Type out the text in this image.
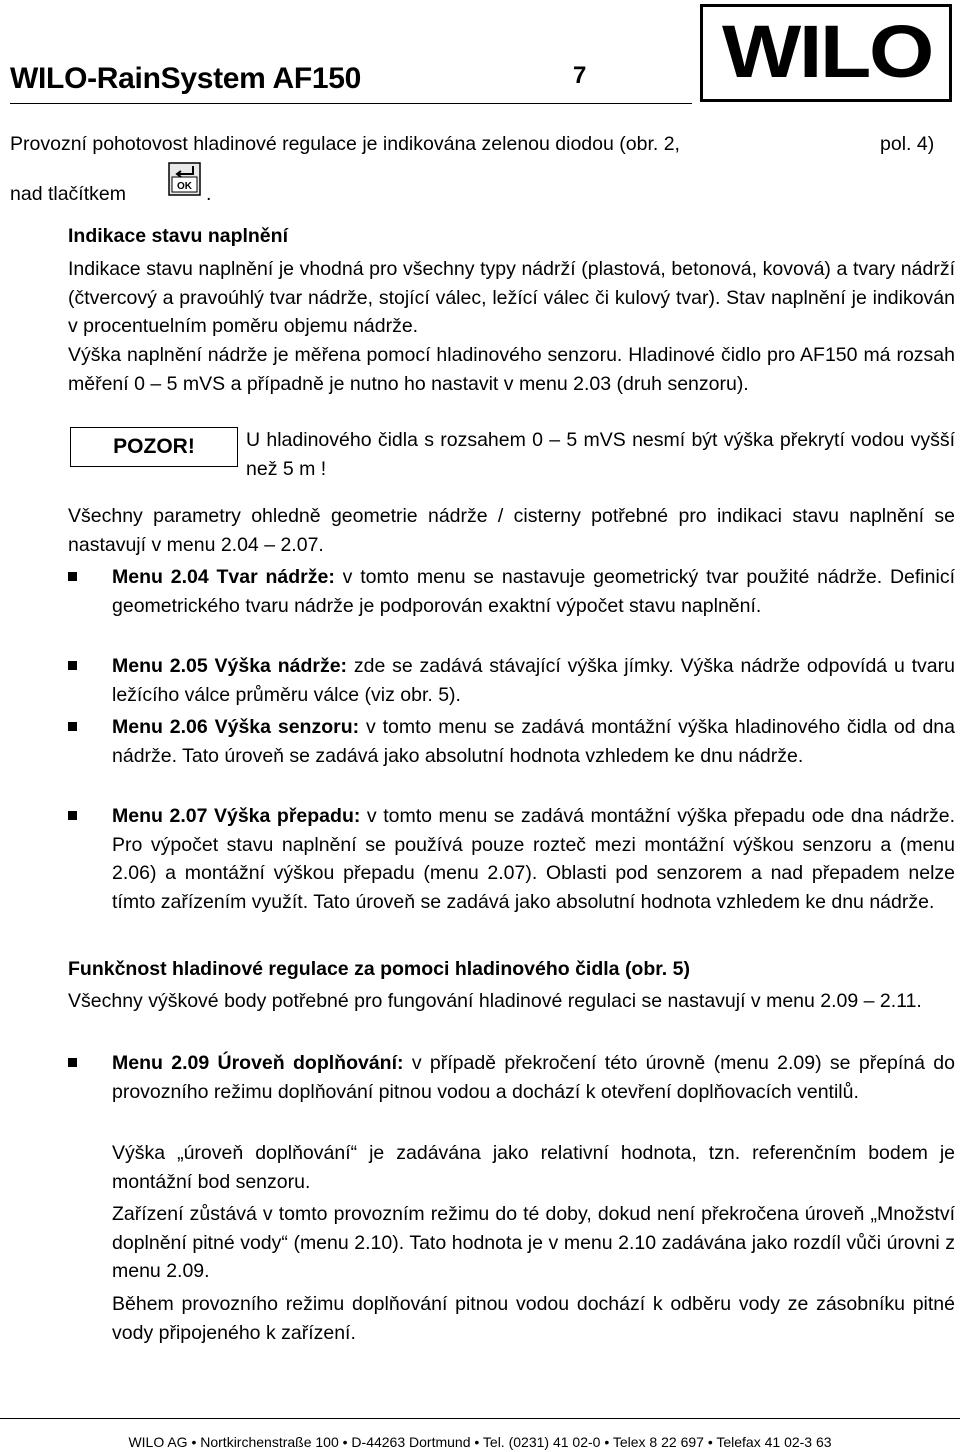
WILO-RainSystem AF150	7 WILO
Provozní pohotovost hladinové regulace je indikována zelenou diodou (obr. 2,	pol. 4)
nad tlačítkem	OK .
Indikace stavu naplnění
Indikace stavu naplnění je vhodná pro všechny typy nádrží (plastová, betonová, kovová) a tvary nádrží (čtvercový a pravoúhlý tvar nádrže, stojící válec, ležící válec či kulový tvar). Stav naplnění je indikován v procentuelním poměru objemu nádrže.
Výška naplnění nádrže je měřena pomocí hladinového senzoru. Hladinové čidlo pro AF150 má rozsah měření 0 – 5 mVS a případně je nutno ho nastavit v menu 2.03 (druh senzoru).
POZOR!	U hladinového čidla s rozsahem 0 – 5 mVS nesmí být výška překrytí vodou vyšší než 5 m !
Všechny parametry ohledně geometrie nádrže / cisterny potřebné pro indikaci stavu naplnění se nastavují v menu 2.04 – 2.07.
Menu 2.04 Tvar nádrže: v tomto menu se nastavuje geometrický tvar použité nádrže. Definicí geometrického tvaru nádrže je podporován exaktní výpočet stavu naplnění.
Menu 2.05 Výška nádrže: zde se zadává stávající výška jímky. Výška nádrže odpovídá u tvaru ležícího válce průměru válce (viz obr. 5).
Menu 2.06 Výška senzoru: v tomto menu se zadává montážní výška hladinového čidla od dna nádrže. Tato úroveň se zadává jako absolutní hodnota vzhledem ke dnu nádrže.
Menu 2.07 Výška přepadu: v tomto menu se zadává montážní výška přepadu ode dna nádrže. Pro výpočet stavu naplnění se používá pouze rozteč mezi montážní výškou senzoru a (menu 2.06) a montážní výškou přepadu (menu 2.07). Oblasti pod senzorem a nad přepadem nelze tímto zařízením využít. Tato úroveň se zadává jako absolutní hodnota vzhledem ke dnu nádrže.
Funkčnost hladinové regulace za pomoci hladinového čidla (obr. 5)
Všechny výškové body potřebné pro fungování hladinové regulaci se nastavují v menu 2.09 – 2.11.
Menu 2.09 Úroveň doplňování: v případě překročení této úrovně (menu 2.09) se přepíná do provozního režimu doplňování pitnou vodou a dochází k otevření doplňovacích ventilů.
Výška „úroveň doplňování“ je zadávána jako relativní hodnota, tzn. referenčním bodem je montážní bod senzoru.
Zařízení zůstává v tomto provozním režimu do té doby, dokud není překročena úroveň „Množství doplnění pitné vody“ (menu 2.10). Tato hodnota je v menu 2.10 zadávána jako rozdíl vůči úrovni z menu 2.09.
Během provozního režimu doplňování pitnou vodou dochází k odběru vody ze zásobníku pitné vody připojeného k zařízení.
WILO AG • Nortkirchenstraße 100 • D-44263 Dortmund • Tel. (0231) 41 02-0 • Telex 8 22 697 • Telefax 41 02-3 63
